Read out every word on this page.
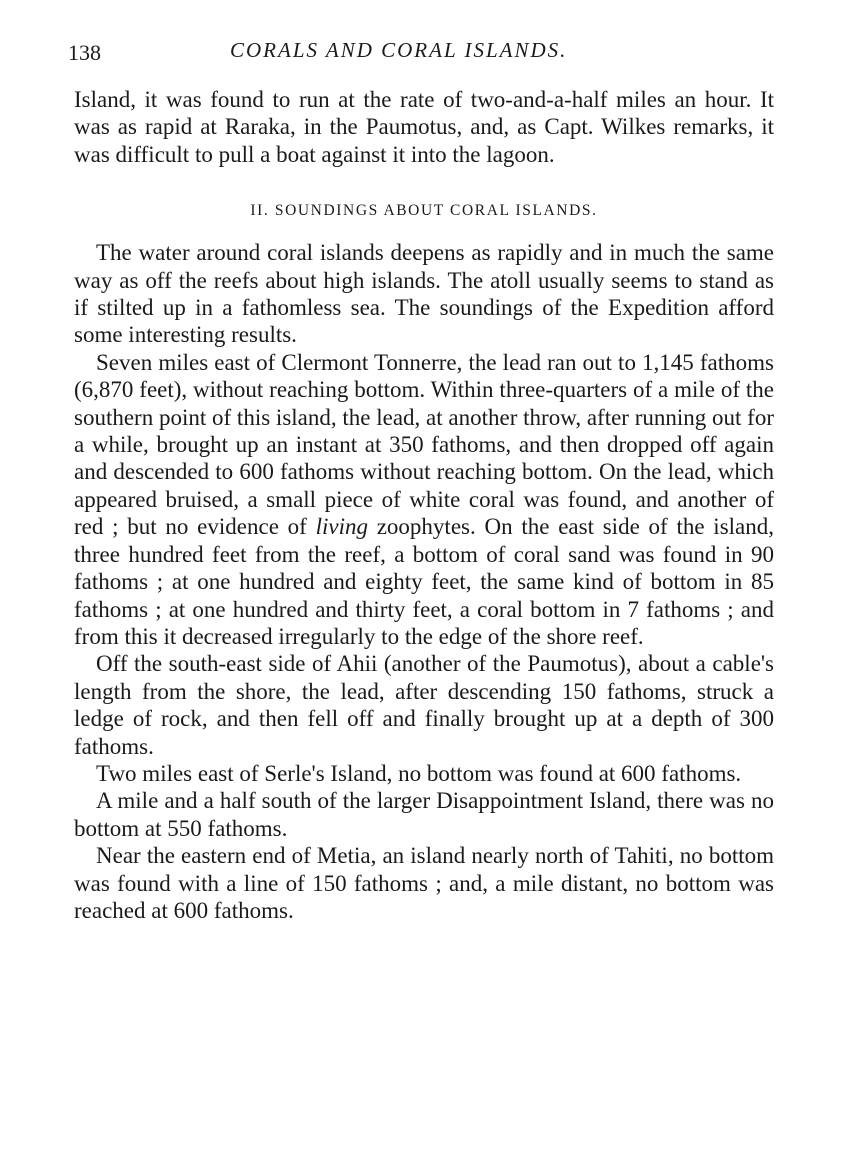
138	CORALS AND CORAL ISLANDS.

Island, it was found to run at the rate of two-and-a-half miles an hour. It was as rapid at Raraka, in the Paumotus, and, as Capt. Wilkes remarks, it was difficult to pull a boat against it into the lagoon.

II. SOUNDINGS ABOUT CORAL ISLANDS.

The water around coral islands deepens as rapidly and in much the same way as off the reefs about high islands. The atoll usually seems to stand as if stilted up in a fathomless sea. The soundings of the Expedition afford some interesting results.

Seven miles east of Clermont Tonnerre, the lead ran out to 1,145 fathoms (6,870 feet), without reaching bottom. Within three-quarters of a mile of the southern point of this island, the lead, at another throw, after running out for a while, brought up an instant at 350 fathoms, and then dropped off again and descended to 600 fathoms without reaching bottom. On the lead, which appeared bruised, a small piece of white coral was found, and another of red ; but no evidence of living zoophytes. On the east side of the island, three hundred feet from the reef, a bottom of coral sand was found in 90 fathoms ; at one hundred and eighty feet, the same kind of bottom in 85 fathoms ; at one hundred and thirty feet, a coral bottom in 7 fathoms ; and from this it decreased irregularly to the edge of the shore reef.

Off the south-east side of Ahii (another of the Paumotus), about a cable's length from the shore, the lead, after descending 150 fathoms, struck a ledge of rock, and then fell off and finally brought up at a depth of 300 fathoms.

Two miles east of Serle's Island, no bottom was found at 600 fathoms.

A mile and a half south of the larger Disappointment Island, there was no bottom at 550 fathoms.

Near the eastern end of Metia, an island nearly north of Tahiti, no bottom was found with a line of 150 fathoms ; and, a mile distant, no bottom was reached at 600 fathoms.
